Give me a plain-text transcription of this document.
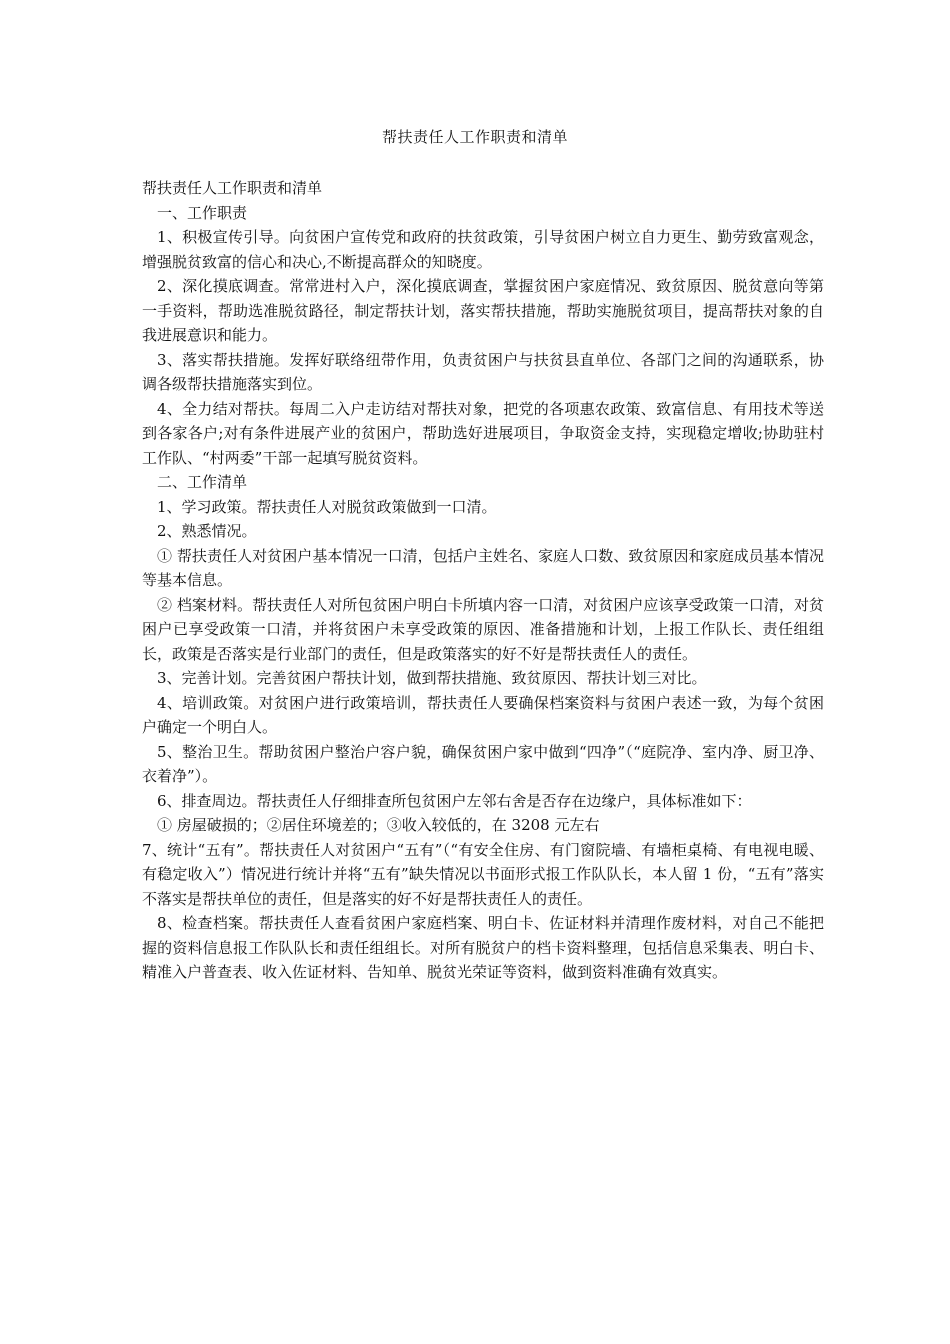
帮扶责任人工作职责和清单

帮扶责任人工作职责和清单

一、工作职责

1、积极宣传引导。向贫困户宣传党和政府的扶贫政策，引导贫困户树立自力更生、勤劳致富观念，增强脱贫致富的信心和决心,不断提高群众的知晓度。

2、深化摸底调查。常常进村入户，深化摸底调查，掌握贫困户家庭情况、致贫原因、脱贫意向等第一手资料，帮助选准脱贫路径，制定帮扶计划，落实帮扶措施，帮助实施脱贫项目，提高帮扶对象的自我进展意识和能力。

3、落实帮扶措施。发挥好联络纽带作用，负责贫困户与扶贫县直单位、各部门之间的沟通联系，协调各级帮扶措施落实到位。

4、全力结对帮扶。每周二入户走访结对帮扶对象，把党的各项惠农政策、致富信息、有用技术等送到各家各户;对有条件进展产业的贫困户，帮助选好进展项目，争取资金支持，实现稳定增收;协助驻村工作队、“村两委”干部一起填写脱贫资料。

二、工作清单

1、学习政策。帮扶责任人对脱贫政策做到一口清。

2、熟悉情况。

① 帮扶责任人对贫困户基本情况一口清，包括户主姓名、家庭人口数、致贫原因和家庭成员基本情况等基本信息。

② 档案材料。帮扶责任人对所包贫困户明白卡所填内容一口清，对贫困户应该享受政策一口清，对贫困户已享受政策一口清，并将贫困户未享受政策的原因、准备措施和计划，上报工作队长、责任组组长，政策是否落实是行业部门的责任，但是政策落实的好不好是帮扶责任人的责任。

3、完善计划。完善贫困户帮扶计划，做到帮扶措施、致贫原因、帮扶计划三对比。

4、培训政策。对贫困户进行政策培训，帮扶责任人要确保档案资料与贫困户表述一致，为每个贫困户确定一个明白人。

5、整治卫生。帮助贫困户整治户容户貌，确保贫困户家中做到“四净”（“庭院净、室内净、厨卫净、衣着净”）。

6、排查周边。帮扶责任人仔细排查所包贫困户左邻右舍是否存在边缘户，具体标准如下：

① 房屋破损的；②居住环境差的；③收入较低的，在 3208 元左右

7、统计“五有”。帮扶责任人对贫困户“五有”（“有安全住房、有门窗院墙、有墙柜桌椅、有电视电暖、有稳定收入”）情况进行统计并将“五有”缺失情况以书面形式报工作队队长，本人留 1 份，“五有”落实不落实是帮扶单位的责任，但是落实的好不好是帮扶责任人的责任。

8、检查档案。帮扶责任人查看贫困户家庭档案、明白卡、佐证材料并清理作废材料，对自己不能把握的资料信息报工作队队长和责任组组长。对所有脱贫户的档卡资料整理，包括信息采集表、明白卡、精准入户普查表、收入佐证材料、告知单、脱贫光荣证等资料，做到资料准确有效真实。
